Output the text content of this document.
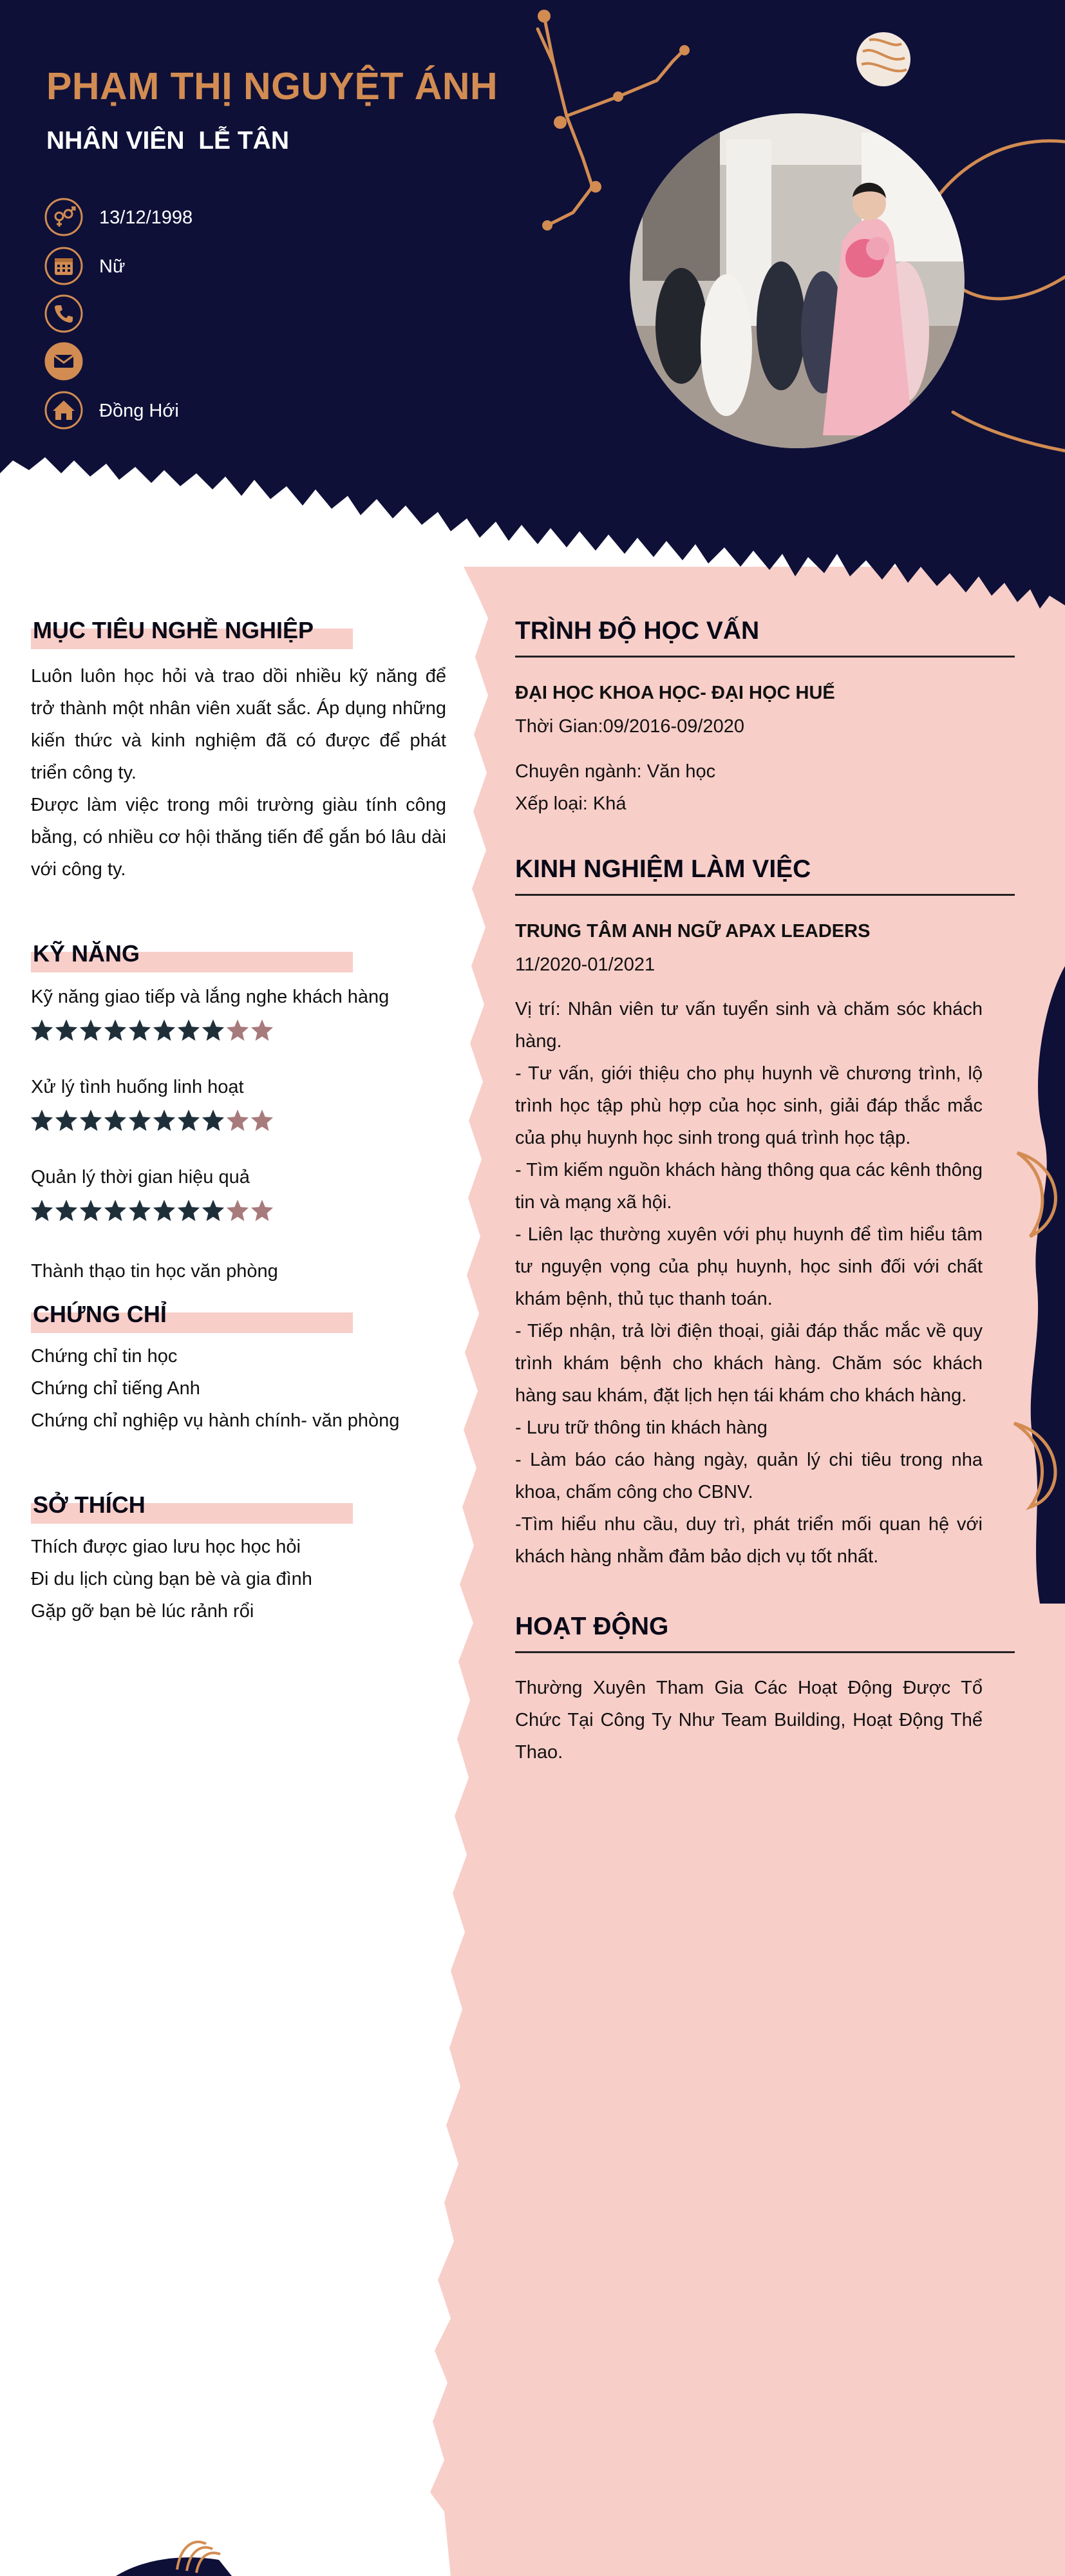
PHẠM THỊ NGUYỆT ÁNH
NHÂN VIÊN  LỄ TÂN
13/12/1998
Nữ
Đồng Hới
MỤC TIÊU NGHỀ NGHIỆP
Luôn luôn học hỏi và trao dồi nhiều kỹ năng để trở thành một nhân viên xuất sắc. Áp dụng những kiến thức và kinh nghiệm đã có được để phát triển công ty.
Được làm việc trong môi trường giàu tính công bằng, có nhiều cơ hội thăng tiến để gắn bó lâu dài với công ty.
KỸ NĂNG
Kỹ năng giao tiếp và lắng nghe khách hàng
Xử lý tình huống linh hoạt
Quản lý thời gian hiệu quả
Thành thạo tin học văn phòng
CHỨNG CHỈ
Chứng chỉ tin học
Chứng chỉ tiếng Anh
Chứng chỉ nghiệp vụ hành chính- văn phòng
SỞ THÍCH
Thích được giao lưu học học hỏi
Đi du lịch cùng bạn bè và gia đình
Gặp gỡ bạn bè lúc rảnh rổi
TRÌNH ĐỘ HỌC VẤN
ĐẠI HỌC KHOA HỌC- ĐẠI HỌC HUẾ
Thời Gian:09/2016-09/2020
Chuyên ngành: Văn học
Xếp loại: Khá
KINH NGHIỆM LÀM VIỆC
TRUNG TÂM ANH NGỮ APAX LEADERS
11/2020-01/2021
Vị trí: Nhân viên tư vấn tuyển sinh và chăm sóc khách hàng.
- Tư vấn, giới thiệu cho phụ huynh về chương trình, lộ trình học tập phù hợp của học sinh, giải đáp thắc mắc của phụ huynh học sinh trong quá trình học tập.
- Tìm kiếm nguồn khách hàng thông qua các kênh thông tin và mạng xã hội.
- Liên lạc thường xuyên với phụ huynh để tìm hiểu tâm tư nguyện vọng của phụ huynh, học sinh đối với chất khám bệnh, thủ tục thanh toán.
- Tiếp nhận, trả lời điện thoại, giải đáp thắc mắc về quy trình khám bệnh cho khách hàng. Chăm sóc khách hàng sau khám, đặt lịch hẹn tái khám cho khách hàng.
- Lưu trữ thông tin khách hàng
- Làm báo cáo hàng ngày, quản lý chi tiêu trong nha khoa, chấm công cho CBNV.
-Tìm hiểu nhu cầu, duy trì, phát triển mối quan hệ với khách hàng nhằm đảm bảo dịch vụ tốt nhất.
HOẠT ĐỘNG
Thường Xuyên Tham Gia Các Hoạt Động Được Tổ Chức Tại Công Ty Như Team Building, Hoạt Động Thể Thao.
